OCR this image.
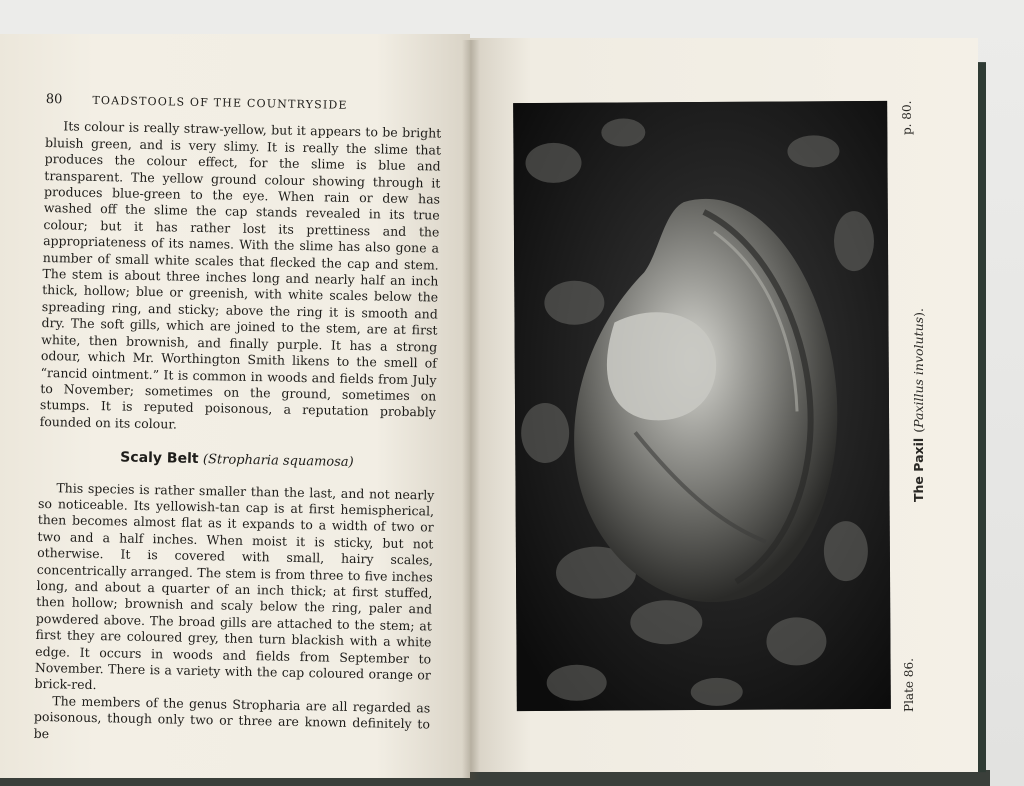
80	TOADSTOOLS OF THE COUNTRYSIDE

Its colour is really straw-yellow, but it appears to be bright bluish green, and is very slimy. It is really the slime that produces the colour effect, for the slime is blue and transparent. The yellow ground colour showing through it produces blue-green to the eye. When rain or dew has washed off the slime the cap stands revealed in its true colour; but it has rather lost its prettiness and the appropriateness of its names. With the slime has also gone a number of small white scales that flecked the cap and stem. The stem is about three inches long and nearly half an inch thick, hollow; blue or greenish, with white scales below the spreading ring, and sticky; above the ring it is smooth and dry. The soft gills, which are joined to the stem, are at first white, then brownish, and finally purple. It has a strong odour, which Mr. Worthington Smith likens to the smell of “rancid ointment.” It is common in woods and fields from July to November; sometimes on the ground, sometimes on stumps. It is reputed poisonous, a reputation probably founded on its colour.

Scaly Belt (Stropharia squamosa)

This species is rather smaller than the last, and not nearly so noticeable. Its yellowish-tan cap is at first hemispherical, then becomes almost flat as it expands to a width of two or two and a half inches. When moist it is sticky, but not otherwise. It is covered with small, hairy scales, concentrically arranged. The stem is from three to five inches long, and about a quarter of an inch thick; at first stuffed, then hollow; brownish and scaly below the ring, paler and powdered above. The broad gills are attached to the stem; at first they are coloured grey, then turn blackish with a white edge. It occurs in woods and fields from September to November. There is a variety with the cap coloured orange or brick-red.

The members of the genus Stropharia are all regarded as poisonous, though only two or three are known definitely to be

The Paxil (Paxillus involutus).
Plate 86.
p. 80.
